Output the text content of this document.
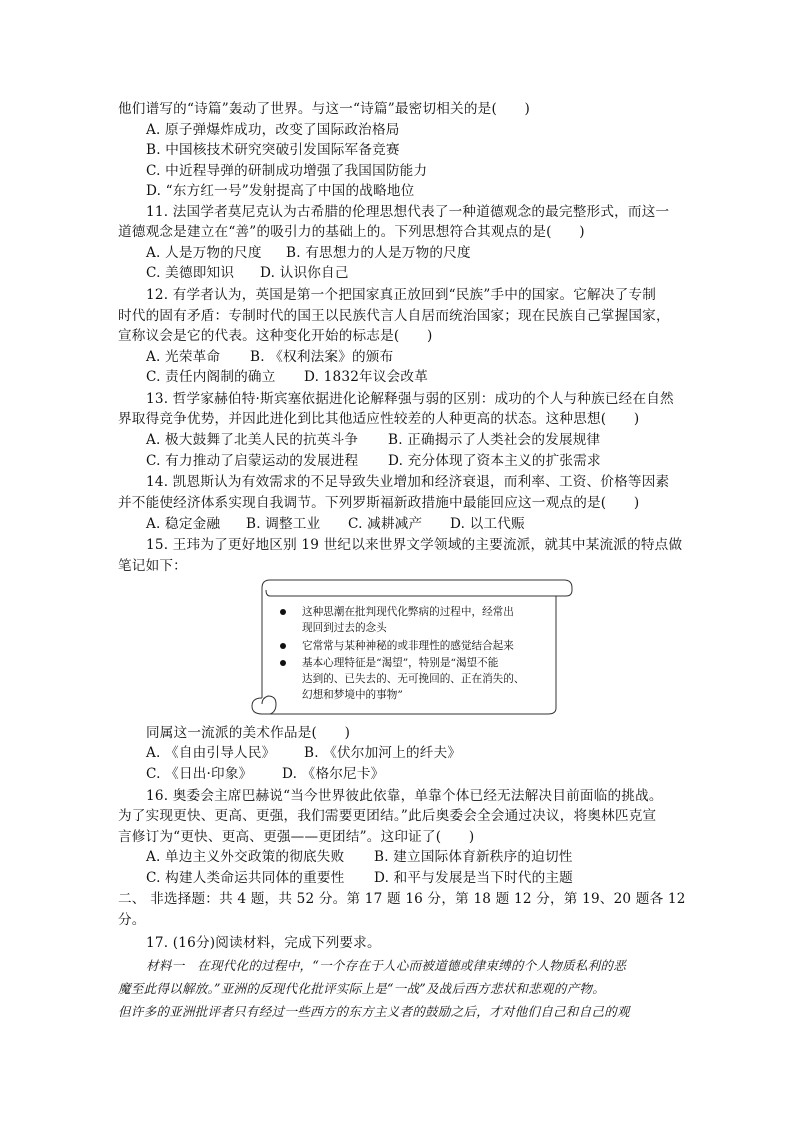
他们谱写的“诗篇”轰动了世界。与这一“诗篇”最密切相关的是(　　)
A. 原子弹爆炸成功，改变了国际政治格局
B. 中国核技术研究突破引发国际军备竞赛
C. 中近程导弹的研制成功增强了我国国防能力
D. “东方红一号”发射提高了中国的战略地位
11. 法国学者莫尼克认为古希腊的伦理思想代表了一种道德观念的最完整形式，而这一
道德观念是建立在“善”的吸引力的基础上的。下列思想符合其观点的是(　　)
A. 人是万物的尺度 B. 有思想力的人是万物的尺度
C. 美德即知识 D. 认识你自己
12. 有学者认为，英国是第一个把国家真正放回到“民族”手中的国家。它解决了专制
时代的固有矛盾：专制时代的国王以民族代言人自居而统治国家；现在民族自己掌握国家，
宣称议会是它的代表。这种变化开始的标志是(　　)
A. 光荣革命 B. 《权利法案》的颁布
C. 责任内阁制的确立 D. 1832年议会改革
13. 哲学家赫伯特·斯宾塞依据进化论解释强与弱的区别：成功的个人与种族已经在自然
界取得竞争优势，并因此进化到比其他适应性较差的人种更高的状态。这种思想(　　)
A. 极大鼓舞了北美人民的抗英斗争 B. 正确揭示了人类社会的发展规律
C. 有力推动了启蒙运动的发展进程 D. 充分体现了资本主义的扩张需求
14. 凯恩斯认为有效需求的不足导致失业增加和经济衰退，而利率、工资、价格等因素
并不能使经济体系实现自我调节。下列罗斯福新政措施中最能回应这一观点的是(　　)
A. 稳定金融 B. 调整工业 C. 减耕减产 D. 以工代赈
15. 王玮为了更好地区别 19 世纪以来世界文学领域的主要流派，就其中某流派的特点做
笔记如下：
这种思潮在批判现代化弊病的过程中，经常出
现回到过去的念头
它常常与某种神秘的或非理性的感觉结合起来
基本心理特征是“渴望”，特别是“渴望不能
达到的、已失去的、无可挽回的、正在消失的、
幻想和梦境中的事物”
同属这一流派的美术作品是(　　)
A. 《自由引导人民》 B. 《伏尔加河上的纤夫》
C. 《日出·印象》 D. 《格尔尼卡》
16. 奥委会主席巴赫说“当今世界彼此依靠，单靠个体已经无法解决目前面临的挑战。
为了实现更快、更高、更强，我们需要更团结。”此后奥委会全会通过决议，将奥林匹克宣
言修订为“更快、更高、更强——更团结”。这印证了(　　)
A. 单边主义外交政策的彻底失败 B. 建立国际体育新秩序的迫切性
C. 构建人类命运共同体的重要性 D. 和平与发展是当下时代的主题
二、 非选择题：共 4 题，共 52 分。第 17 题 16 分，第 18 题 12 分，第 19、20 题各 12
分。
17. (16分)阅读材料，完成下列要求。
材料一　在现代化的过程中，“一个存在于人心而被道德或律束缚的个人物质私利的恶
魔至此得以解放。”亚洲的反现代化批评实际上是“一战”及战后西方悲状和悲观的产物。
但许多的亚洲批评者只有经过一些西方的东方主义者的鼓励之后，才对他们自己和自己的观
